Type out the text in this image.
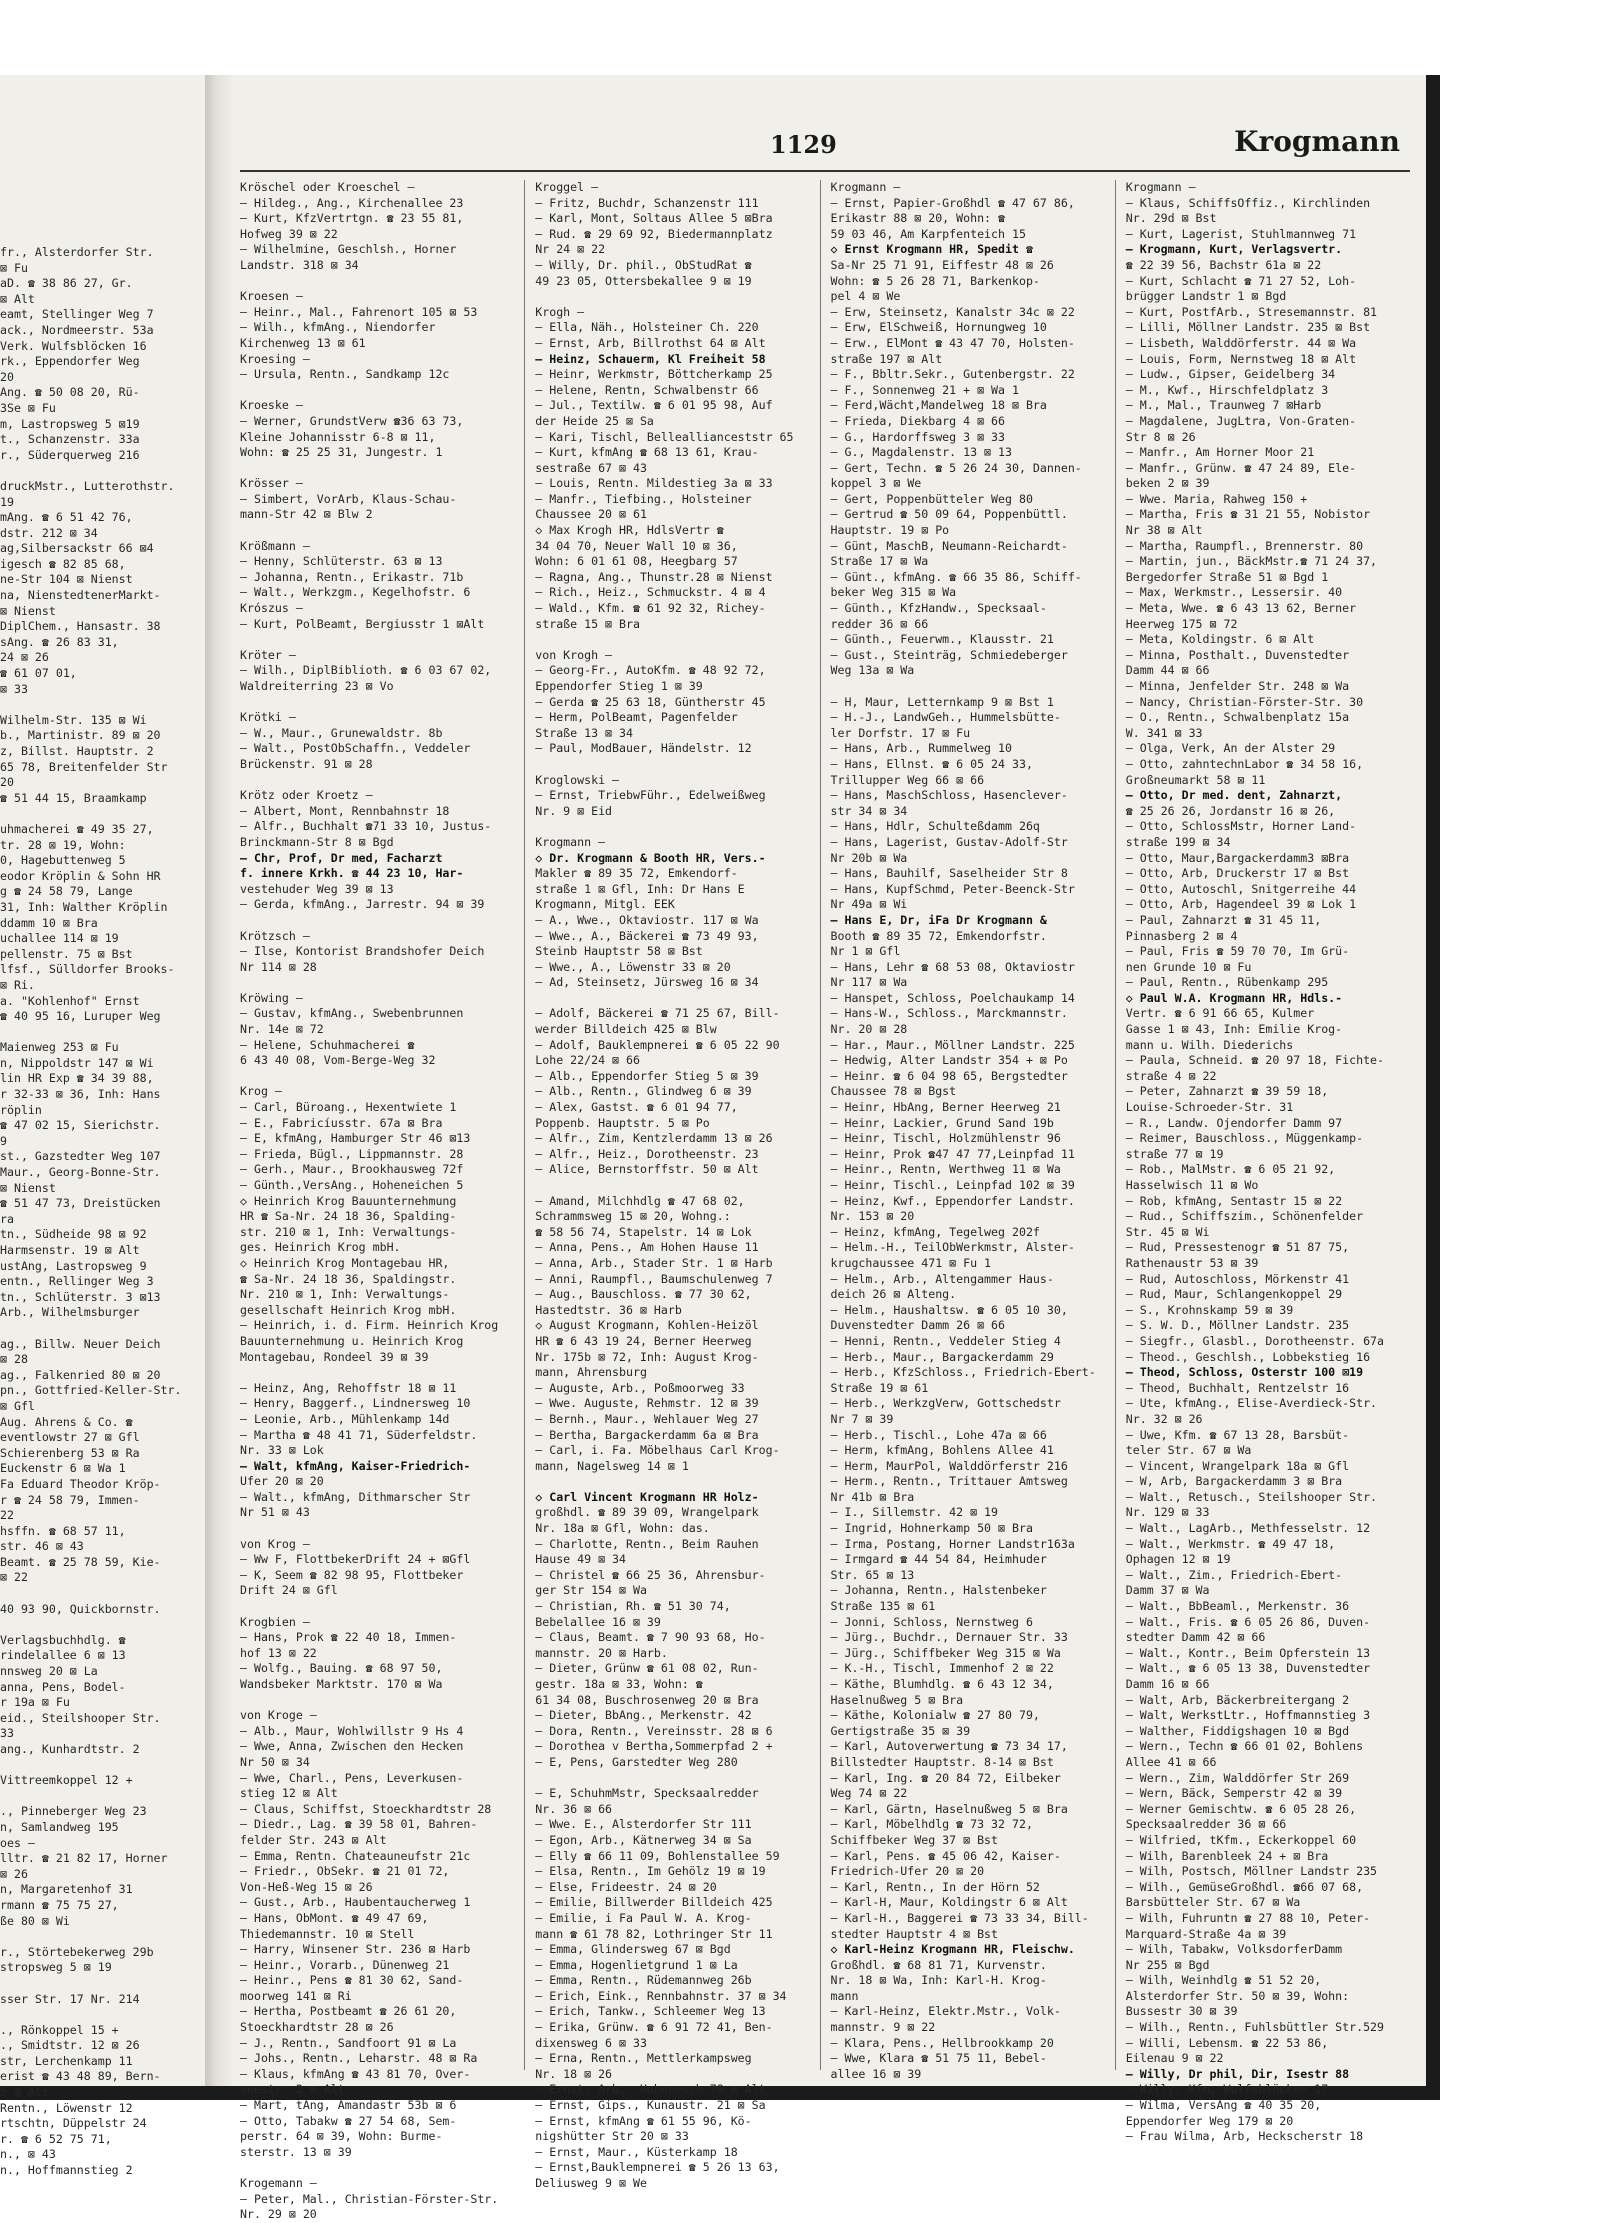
fr., Alsterdorfer Str.
⊠ Fu
aD. ☎ 38 86 27, Gr.
⊠ Alt
eamt, Stellinger Weg 7
ack., Nordmeerstr. 53a
Verk. Wulfsblöcken 16
rk., Eppendorfer Weg
20
Ang. ☎ 50 08 20, Rü-
3Se ⊠ Fu
m, Lastropsweg 5 ⊠19
t., Schanzenstr. 33a
r., Süderquerweg 216

druckMstr., Lutterothstr.
19
mAng. ☎ 6 51 42 76,
dstr. 212 ⊠ 34
ag,Silbersackstr 66 ⊠4
igesch ☎ 82 85 68,
ne-Str 104 ⊠ Nienst
na, NienstedtenerMarkt-
⊠ Nienst
DiplChem., Hansastr. 38
sAng. ☎ 26 83 31,
24 ⊠ 26
☎ 61 07 01,
⊠ 33

Wilhelm-Str. 135 ⊠ Wi
b., Martinistr. 89 ⊠ 20
z, Billst. Hauptstr. 2
65 78, Breitenfelder Str
20
☎ 51 44 15, Braamkamp

uhmacherei ☎ 49 35 27,
tr. 28 ⊠ 19, Wohn:
0, Hagebuttenweg 5
eodor Kröplin & Sohn HR
g ☎ 24 58 79, Lange
31, Inh: Walther Kröplin
ddamm 10 ⊠ Bra
uchallee 114 ⊠ 19
pellenstr. 75 ⊠ Bst
lfsf., Sülldorfer Brooks-
⊠ Ri.
a. "Kohlenhof" Ernst
☎ 40 95 16, Luruper Weg

Maienweg 253 ⊠ Fu
n, Nippoldstr 147 ⊠ Wi
lin HR Exp ☎ 34 39 88,
r 32-33 ⊠ 36, Inh: Hans
röplin
☎ 47 02 15, Sierichstr.
9
st., Gazstedter Weg 107
Maur., Georg-Bonne-Str.
⊠ Nienst
☎ 51 47 73, Dreistücken
ra
tn., Südheide 98 ⊠ 92
Harmsenstr. 19 ⊠ Alt
ustAng, Lastropsweg 9
entn., Rellinger Weg 3
tn., Schlüterstr. 3 ⊠13
Arb., Wilhelmsburger

ag., Billw. Neuer Deich
⊠ 28
ag., Falkenried 80 ⊠ 20
pn., Gottfried-Keller-Str.
⊠ Gfl
Aug. Ahrens & Co. ☎
eventlowstr 27 ⊠ Gfl
Schierenberg 53 ⊠ Ra
Euckenstr 6 ⊠ Wa 1
Fa Eduard Theodor Kröp-
r ☎ 24 58 79, Immen-
22
hsffn. ☎ 68 57 11,
str. 46 ⊠ 43
Beamt. ☎ 25 78 59, Kie-
⊠ 22

40 93 90, Quickbornstr.

Verlagsbuchhdlg. ☎
rindelallee 6 ⊠ 13
nnsweg 20 ⊠ La
anna, Pens, Bodel-
r 19a ⊠ Fu
eid., Steilshooper Str.
33
ang., Kunhardtstr. 2

Vittreemkoppel 12 +

., Pinneberger Weg 23
n, Samlandweg 195
oes —
lltr. ☎ 21 82 17, Horner
⊠ 26
n, Margaretenhof 31
rmann ☎ 75 75 27,
ße 80 ⊠ Wi

r., Störtebekerweg 29b
stropsweg 5 ⊠ 19

sser Str. 17 Nr. 214

., Rönkoppel 15 +
., Smidtstr. 12 ⊠ 26
str, Lerchenkamp 11
erist ☎ 43 48 89, Bern-
5 ⊠ Alt
Rentn., Löwenstr 12
rtschtn, Düppelstr 24
r. ☎ 6 52 75 71,
n., ⊠ 43
n., Hoffmannstieg 2
1129	Krogmann
Kröschel oder Kroeschel —
— Hildeg., Ang., Kirchenallee 23
— Kurt, KfzVertrtgn. ☎ 23 55 81,
Hofweg 39 ⊠ 22
— Wilhelmine, Geschlsh., Horner
Landstr. 318 ⊠ 34

Kroesen —
— Heinr., Mal., Fahrenort 105 ⊠ 53
— Wilh., kfmAng., Niendorfer
Kirchenweg 13 ⊠ 61
Kroesing —
— Ursula, Rentn., Sandkamp 12c

Kroeske —
— Werner, GrundstVerw ☎36 63 73,
Kleine Johannisstr 6-8 ⊠ 11,
Wohn: ☎ 25 25 31, Jungestr. 1

Krösser —
— Simbert, VorArb, Klaus-Schau-
mann-Str 42 ⊠ Blw 2

Krößmann —
— Henny, Schlüterstr. 63 ⊠ 13
— Johanna, Rentn., Erikastr. 71b
— Walt., Werkzgm., Kegelhofstr. 6
Krószus —
— Kurt, PolBeamt, Bergiusstr 1 ⊠Alt

Kröter —
— Wilh., DiplBiblioth. ☎ 6 03 67 02,
Waldreiterring 23 ⊠ Vo

Krötki —
— W., Maur., Grunewaldstr. 8b
— Walt., PostObSchaffn., Veddeler
Brückenstr. 91 ⊠ 28

Krötz oder Kroetz —
— Albert, Mont, Rennbahnstr 18
— Alfr., Buchhalt ☎71 33 10, Justus-
Brinckmann-Str 8 ⊠ Bgd
— Chr, Prof, Dr med, Facharzt
f. innere Krkh. ☎ 44 23 10, Har-
vestehuder Weg 39 ⊠ 13
— Gerda, kfmAng., Jarrestr. 94 ⊠ 39

Krötzsch —
— Ilse, Kontorist Brandshofer Deich
Nr 114 ⊠ 28

Kröwing —
— Gustav, kfmAng., Swebenbrunnen
Nr. 14e ⊠ 72
— Helene, Schuhmacherei ☎
6 43 40 08, Vom-Berge-Weg 32

Krog —
— Carl, Büroang., Hexentwiete 1
— E., Fabricíusstr. 67a ⊠ Bra
— E, kfmAng, Hamburger Str 46 ⊠13
— Frieda, Bügl., Lippmannstr. 28
— Gerh., Maur., Brookhausweg 72f
— Günth.,VersAng., Hoheneichen 5
◇ Heinrich Krog Bauunternehmung
HR ☎ Sa-Nr. 24 18 36, Spalding-
str. 210 ⊠ 1, Inh: Verwaltungs-
ges. Heinrich Krog mbH.
◇ Heinrich Krog Montagebau HR,
☎ Sa-Nr. 24 18 36, Spaldingstr.
Nr. 210 ⊠ 1, Inh: Verwaltungs-
gesellschaft Heinrich Krog mbH.
— Heinrich, i. d. Firm. Heinrich Krog
Bauunternehmung u. Heinrich Krog
Montagebau, Rondeel 39 ⊠ 39

— Heinz, Ang, Rehoffstr 18 ⊠ 11
— Henry, Baggerf., Lindnersweg 10
— Leonie, Arb., Mühlenkamp 14d
— Martha ☎ 48 41 71, Süderfeldstr.
Nr. 33 ⊠ Lok
— Walt, kfmAng, Kaiser-Friedrich-
Ufer 20 ⊠ 20
— Walt., kfmAng, Dithmarscher Str
Nr 51 ⊠ 43

von Krog —
— Ww F, FlottbekerDrift 24 + ⊠Gfl
— K, Seem ☎ 82 98 95, Flottbeker
Drift 24 ⊠ Gfl

Krogbien —
— Hans, Prok ☎ 22 40 18, Immen-
hof 13 ⊠ 22
— Wolfg., Bauing. ☎ 68 97 50,
Wandsbeker Marktstr. 170 ⊠ Wa

von Kroge —
— Alb., Maur, Wohlwillstr 9 Hs 4
— Wwe, Anna, Zwischen den Hecken
Nr 50 ⊠ 34
— Wwe, Charl., Pens, Leverkusen-
stieg 12 ⊠ Alt
— Claus, Schiffst, Stoeckhardtstr 28
— Diedr., Lag. ☎ 39 58 01, Bahren-
felder Str. 243 ⊠ Alt
— Emma, Rentn. Chateauneufstr 21c
— Friedr., ObSekr. ☎ 21 01 72,
Von-Heß-Weg 15 ⊠ 26
— Gust., Arb., Haubentaucherweg 1
— Hans, ObMont. ☎ 49 47 69,
Thiedemannstr. 10 ⊠ Stell
— Harry, Winsener Str. 236 ⊠ Harb
— Heinr., Vorarb., Dünenweg 21
— Heinr., Pens ☎ 81 30 62, Sand-
moorweg 141 ⊠ Ri
— Hertha, Postbeamt ☎ 26 61 20,
Stoeckhardtstr 28 ⊠ 26
— J., Rentn., Sandfoort 91 ⊠ La
— Johs., Rentn., Leharstr. 48 ⊠ Ra
— Klaus, kfmAng ☎ 43 81 70, Over-
seestr. 2 ⊠ Alt
— Mart, tAng, Amandastr 53b ⊠ 6
— Otto, Tabakw ☎ 27 54 68, Sem-
perstr. 64 ⊠ 39, Wohn: Burme-
sterstr. 13 ⊠ 39

Krogemann —
— Peter, Mal., Christian-Förster-Str.
Nr. 29 ⊠ 20
Kroggel —
— Fritz, Buchdr, Schanzenstr 111
— Karl, Mont, Soltaus Allee 5 ⊠Bra
— Rud. ☎ 29 69 92, Biedermannplatz
Nr 24 ⊠ 22
— Willy, Dr. phil., ObStudRat ☎
49 23 05, Ottersbekallee 9 ⊠ 19

Krogh —
— Ella, Näh., Holsteiner Ch. 220
— Ernst, Arb, Billrothst 64 ⊠ Alt
— Heinz, Schauerm, Kl Freiheit 58
— Heinr, Werkmstr, Böttcherkamp 25
— Helene, Rentn, Schwalbenstr 66
— Jul., Textilw. ☎ 6 01 95 98, Auf
der Heide 25 ⊠ Sa
— Kari, Tischl, Belleallianceststr 65
— Kurt, kfmAng ☎ 68 13 61, Krau-
sestraße 67 ⊠ 43
— Louis, Rentn. Mildestieg 3a ⊠ 33
— Manfr., Tiefbing., Holsteiner
Chaussee 20 ⊠ 61
◇ Max Krogh HR, HdlsVertr ☎
34 04 70, Neuer Wall 10 ⊠ 36,
Wohn: 6 01 61 08, Heegbarg 57
— Ragna, Ang., Thunstr.28 ⊠ Nienst
— Rich., Heiz., Schmuckstr. 4 ⊠ 4
— Wald., Kfm. ☎ 61 92 32, Richey-
straße 15 ⊠ Bra

von Krogh —
— Georg-Fr., AutoKfm. ☎ 48 92 72,
Eppendorfer Stieg 1 ⊠ 39
— Gerda ☎ 25 63 18, Güntherstr 45
— Herm, PolBeamt, Pagenfelder
Straße 13 ⊠ 34
— Paul, ModBauer, Händelstr. 12

Kroglowski —
— Ernst, TriebwFühr., Edelweißweg
Nr. 9 ⊠ Eid

Krogmann —
◇ Dr. Krogmann & Booth HR, Vers.-
Makler ☎ 89 35 72, Emkendorf-
straße 1 ⊠ Gfl, Inh: Dr Hans E
Krogmann, Mitgl. EEK
— A., Wwe., Oktaviostr. 117 ⊠ Wa
— Wwe., A., Bäckerei ☎ 73 49 93,
Steinb Hauptstr 58 ⊠ Bst
— Wwe., A., Löwenstr 33 ⊠ 20
— Ad, Steinsetz, Jürsweg 16 ⊠ 34

— Adolf, Bäckerei ☎ 71 25 67, Bill-
werder Billdeich 425 ⊠ Blw
— Adolf, Bauklempnerei ☎ 6 05 22 90
Lohe 22/24 ⊠ 66
— Alb., Eppendorfer Stieg 5 ⊠ 39
— Alb., Rentn., Glindweg 6 ⊠ 39
— Alex, Gastst. ☎ 6 01 94 77,
Poppenb. Hauptstr. 5 ⊠ Po
— Alfr., Zim, Kentzlerdamm 13 ⊠ 26
— Alfr., Heiz., Dorotheenstr. 23
— Alice, Bernstorffstr. 50 ⊠ Alt

— Amand, Milchhdlg ☎ 47 68 02,
Schrammsweg 15 ⊠ 20, Wohng.:
☎ 58 56 74, Stapelstr. 14 ⊠ Lok
— Anna, Pens., Am Hohen Hause 11
— Anna, Arb., Stader Str. 1 ⊠ Harb
— Anni, Raumpfl., Baumschulenweg 7
— Aug., Bauschloss. ☎ 77 30 62,
Hastedtstr. 36 ⊠ Harb
◇ August Krogmann, Kohlen-Heizöl
HR ☎ 6 43 19 24, Berner Heerweg
Nr. 175b ⊠ 72, Inh: August Krog-
mann, Ahrensburg
— Auguste, Arb., Poßmoorweg 33
— Wwe. Auguste, Rehmstr. 12 ⊠ 39
— Bernh., Maur., Wehlauer Weg 27
— Bertha, Bargackerdamm 6a ⊠ Bra
— Carl, i. Fa. Möbelhaus Carl Krog-
mann, Nagelsweg 14 ⊠ 1

◇ Carl Vincent Krogmann HR Holz-
großhdl. ☎ 89 39 09, Wrangelpark
Nr. 18a ⊠ Gfl, Wohn: das.
— Charlotte, Rentn., Beim Rauhen
Hause 49 ⊠ 34
— Christel ☎ 66 25 36, Ahrensbur-
ger Str 154 ⊠ Wa
— Christian, Rh. ☎ 51 30 74,
Bebelallee 16 ⊠ 39
— Claus, Beamt. ☎ 7 90 93 68, Ho-
mannstr. 20 ⊠ Harb.
— Dieter, Grünw ☎ 61 08 02, Run-
gestr. 18a ⊠ 33, Wohn: ☎
61 34 08, Buschrosenweg 20 ⊠ Bra
— Dieter, BbAng., Merkenstr. 42
— Dora, Rentn., Vereinsstr. 28 ⊠ 6
— Dorothea v Bertha,Sommerpfad 2 +
— E, Pens, Garstedter Weg 280

— E, SchuhmMstr, Specksaalredder
Nr. 36 ⊠ 66
— Wwe. E., Alsterdorfer Str 111
— Egon, Arb., Kätnerweg 34 ⊠ Sa
— Elly ☎ 66 11 09, Bohlenstallee 59
— Elsa, Rentn., Im Gehölz 19 ⊠ 19
— Else, Frideestr. 24 ⊠ 20
— Emilie, Billwerder Billdeich 425
— Emilie, i Fa Paul W. A. Krog-
mann ☎ 61 78 82, Lothringer Str 11
— Emma, Glindersweg 67 ⊠ Bgd
— Emma, Hogenlietgrund 1 ⊠ La
— Emma, Rentn., Rüdemannweg 26b
— Erich, Eink., Rennbahnstr. 37 ⊠ 34
— Erich, Tankw., Schleemer Weg 13
— Erika, Grünw. ☎ 6 91 72 41, Ben-
dixensweg 6 ⊠ 33
— Erna, Rentn., Mettlerkampsweg
Nr. 18 ⊠ 26
— Ernst, Arb., Hohenesch 78 ⊠ Alt
— Ernst, Gips., Kunaustr. 21 ⊠ Sa
— Ernst, kfmAng ☎ 61 55 96, Kö-
nigshütter Str 20 ⊠ 33
— Ernst, Maur., Küsterkamp 18
— Ernst,Bauklempnerei ☎ 5 26 13 63,
Deliusweg 9 ⊠ We
Krogmann —
— Ernst, Papier-Großhdl ☎ 47 67 86,
Erikastr 88 ⊠ 20, Wohn: ☎
59 03 46, Am Karpfenteich 15
◇ Ernst Krogmann HR, Spedit ☎
Sa-Nr 25 71 91, Eiffestr 48 ⊠ 26
Wohn: ☎ 5 26 28 71, Barkenkop-
pel 4 ⊠ We
— Erw, Steinsetz, Kanalstr 34c ⊠ 22
— Erw, ElSchweiß, Hornungweg 10
— Erw., ElMont ☎ 43 47 70, Holsten-
straße 197 ⊠ Alt
— F., Bbltr.Sekr., Gutenbergstr. 22
— F., Sonnenweg 21 + ⊠ Wa 1
— Ferd,Wächt,Mandelweg 18 ⊠ Bra
— Frieda, Diekbarg 4 ⊠ 66
— G., Hardorffsweg 3 ⊠ 33
— G., Magdalenstr. 13 ⊠ 13
— Gert, Techn. ☎ 5 26 24 30, Dannen-
koppel 3 ⊠ We
— Gert, Poppenbütteler Weg 80
— Gertrud ☎ 50 09 64, Poppenbüttl.
Hauptstr. 19 ⊠ Po
— Günt, MaschB, Neumann-Reichardt-
Straße 17 ⊠ Wa
— Günt., kfmAng. ☎ 66 35 86, Schiff-
beker Weg 315 ⊠ Wa
— Günth., KfzHandw., Specksaal-
redder 36 ⊠ 66
— Günth., Feuerwm., Klausstr. 21
— Gust., Steinträg, Schmiedeberger
Weg 13a ⊠ Wa

— H, Maur, Letternkamp 9 ⊠ Bst 1
— H.-J., LandwGeh., Hummelsbütte-
ler Dorfstr. 17 ⊠ Fu
— Hans, Arb., Rummelweg 10
— Hans, Ellnst. ☎ 6 05 24 33,
Trillupper Weg 66 ⊠ 66
— Hans, MaschSchloss, Hasenclever-
str 34 ⊠ 34
— Hans, Hdlr, Schulteßdamm 26q
— Hans, Lagerist, Gustav-Adolf-Str
Nr 20b ⊠ Wa
— Hans, Bauhilf, Saselheider Str 8
— Hans, KupfSchmd, Peter-Beenck-Str
Nr 49a ⊠ Wi
— Hans E, Dr, iFa Dr Krogmann &
Booth ☎ 89 35 72, Emkendorfstr.
Nr 1 ⊠ Gfl
— Hans, Lehr ☎ 68 53 08, Oktaviostr
Nr 117 ⊠ Wa
— Hanspet, Schloss, Poelchaukamp 14
— Hans-W., Schloss., Marckmannstr.
Nr. 20 ⊠ 28
— Har., Maur., Möllner Landstr. 225
— Hedwig, Alter Landstr 354 + ⊠ Po
— Heinr. ☎ 6 04 98 65, Bergstedter
Chaussee 78 ⊠ Bgst
— Heinr, HbAng, Berner Heerweg 21
— Heinr, Lackier, Grund Sand 19b
— Heinr, Tischl, Holzmühlenstr 96
— Heinr, Prok ☎47 47 77,Leinpfad 11
— Heinr., Rentn, Werthweg 11 ⊠ Wa
— Heinr, Tischl., Leinpfad 102 ⊠ 39
— Heinz, Kwf., Eppendorfer Landstr.
Nr. 153 ⊠ 20
— Heinz, kfmAng, Tegelweg 202f
— Helm.-H., TeilObWerkmstr, Alster-
krugchaussee 471 ⊠ Fu 1
— Helm., Arb., Altengammer Haus-
deich 26 ⊠ Alteng.
— Helm., Haushaltsw. ☎ 6 05 10 30,
Duvenstedter Damm 26 ⊠ 66
— Henni, Rentn., Veddeler Stieg 4
— Herb., Maur., Bargackerdamm 29
— Herb., KfzSchloss., Friedrich-Ebert-
Straße 19 ⊠ 61
— Herb., WerkzgVerw, Gottschedstr
Nr 7 ⊠ 39
— Herb., Tischl., Lohe 47a ⊠ 66
— Herm, kfmAng, Bohlens Allee 41
— Herm, MaurPol, Walddörferstr 216
— Herm., Rentn., Trittauer Amtsweg
Nr 41b ⊠ Bra
— I., Sillemstr. 42 ⊠ 19
— Ingrid, Hohnerkamp 50 ⊠ Bra
— Irma, Postang, Horner Landstr163a
— Irmgard ☎ 44 54 84, Heimhuder
Str. 65 ⊠ 13
— Johanna, Rentn., Halstenbeker
Straße 135 ⊠ 61
— Jonni, Schloss, Nernstweg 6
— Jürg., Buchdr., Dernauer Str. 33
— Jürg., Schiffbeker Weg 315 ⊠ Wa
— K.-H., Tischl, Immenhof 2 ⊠ 22
— Käthe, Blumhdlg. ☎ 6 43 12 34,
Haselnußweg 5 ⊠ Bra
— Käthe, Kolonialw ☎ 27 80 79,
Gertigstraße 35 ⊠ 39
— Karl, Autoverwertung ☎ 73 34 17,
Billstedter Hauptstr. 8-14 ⊠ Bst
— Karl, Ing. ☎ 20 84 72, Eilbeker
Weg 74 ⊠ 22
— Karl, Gärtn, Haselnußweg 5 ⊠ Bra
— Karl, Möbelhdlg ☎ 73 32 72,
Schiffbeker Weg 37 ⊠ Bst
— Karl, Pens. ☎ 45 06 42, Kaiser-
Friedrich-Ufer 20 ⊠ 20
— Karl, Rentn., In der Hörn 52
— Karl-H, Maur, Koldingstr 6 ⊠ Alt
— Karl-H., Baggerei ☎ 73 33 34, Bill-
stedter Hauptstr 4 ⊠ Bst
◇ Karl-Heinz Krogmann HR, Fleischw.
Großhdl. ☎ 68 81 71, Kurvenstr.
Nr. 18 ⊠ Wa, Inh: Karl-H. Krog-
mann
— Karl-Heinz, Elektr.Mstr., Volk-
mannstr. 9 ⊠ 22
— Klara, Pens., Hellbrookkamp 20
— Wwe, Klara ☎ 51 75 11, Bebel-
allee 16 ⊠ 39
Krogmann —
— Klaus, SchiffsOffiz., Kirchlinden
Nr. 29d ⊠ Bst
— Kurt, Lagerist, Stuhlmannweg 71
— Krogmann, Kurt, Verlagsvertr.
☎ 22 39 56, Bachstr 61a ⊠ 22
— Kurt, Schlacht ☎ 71 27 52, Loh-
brügger Landstr 1 ⊠ Bgd
— Kurt, PostfArb., Stresemannstr. 81
— Lilli, Möllner Landstr. 235 ⊠ Bst
— Lisbeth, Walddörferstr. 44 ⊠ Wa
— Louis, Form, Nernstweg 18 ⊠ Alt
— Ludw., Gipser, Geidelberg 34
— M., Kwf., Hirschfeldplatz 3
— M., Mal., Traunweg 7 ⊠Harb
— Magdalene, JugLtra, Von-Graten-
Str 8 ⊠ 26
— Manfr., Am Horner Moor 21
— Manfr., Grünw. ☎ 47 24 89, Ele-
beken 2 ⊠ 39
— Wwe. Maria, Rahweg 150 +
— Martha, Fris ☎ 31 21 55, Nobistor
Nr 38 ⊠ Alt
— Martha, Raumpfl., Brennerstr. 80
— Martin, jun., BäckMstr.☎ 71 24 37,
Bergedorfer Straße 51 ⊠ Bgd 1
— Max, Werkmstr., Lessersir. 40
— Meta, Wwe. ☎ 6 43 13 62, Berner
Heerweg 175 ⊠ 72
— Meta, Koldingstr. 6 ⊠ Alt
— Minna, Posthalt., Duvenstedter
Damm 44 ⊠ 66
— Minna, Jenfelder Str. 248 ⊠ Wa
— Nancy, Christian-Förster-Str. 30
— O., Rentn., Schwalbenplatz 15a
W. 341 ⊠ 33
— Olga, Verk, An der Alster 29
— Otto, zahntechnLabor ☎ 34 58 16,
Großneumarkt 58 ⊠ 11
— Otto, Dr med. dent, Zahnarzt,
☎ 25 26 26, Jordanstr 16 ⊠ 26,
— Otto, SchlossMstr, Horner Land-
straße 199 ⊠ 34
— Otto, Maur,Bargackerdamm3 ⊠Bra
— Otto, Arb, Druckerstr 17 ⊠ Bst
— Otto, Autoschl, Snitgerreihe 44
— Otto, Arb, Hagendeel 39 ⊠ Lok 1
— Paul, Zahnarzt ☎ 31 45 11,
Pinnasberg 2 ⊠ 4
— Paul, Fris ☎ 59 70 70, Im Grü-
nen Grunde 10 ⊠ Fu
— Paul, Rentn., Rübenkamp 295
◇ Paul W.A. Krogmann HR, Hdls.-
Vertr. ☎ 6 91 66 65, Kulmer
Gasse 1 ⊠ 43, Inh: Emilie Krog-
mann u. Wilh. Diederichs
— Paula, Schneid. ☎ 20 97 18, Fichte-
straße 4 ⊠ 22
— Peter, Zahnarzt ☎ 39 59 18,
Louise-Schroeder-Str. 31
— R., Landw. Ojendorfer Damm 97
— Reimer, Bauschloss., Müggenkamp-
straße 77 ⊠ 19
— Rob., MalMstr. ☎ 6 05 21 92,
Hasselwisch 11 ⊠ Wo
— Rob, kfmAng, Sentastr 15 ⊠ 22
— Rud., Schiffszim., Schönenfelder
Str. 45 ⊠ Wi
— Rud, Pressestenogr ☎ 51 87 75,
Rathenaustr 53 ⊠ 39
— Rud, Autoschloss, Mörkenstr 41
— Rud, Maur, Schlangenkoppel 29
— S., Krohnskamp 59 ⊠ 39
— S. W. D., Möllner Landstr. 235
— Siegfr., Glasbl., Dorotheenstr. 67a
— Theod., Geschlsh., Lobbekstieg 16
— Theod, Schloss, Osterstr 100 ⊠19
— Theod, Buchhalt, Rentzelstr 16
— Ute, kfmAng., Elise-Averdieck-Str.
Nr. 32 ⊠ 26
— Uwe, Kfm. ☎ 67 13 28, Barsbüt-
teler Str. 67 ⊠ Wa
— Vincent, Wrangelpark 18a ⊠ Gfl
— W, Arb, Bargackerdamm 3 ⊠ Bra
— Walt., Retusch., Steilshooper Str.
Nr. 129 ⊠ 33
— Walt., LagArb., Methfesselstr. 12
— Walt., Werkmstr. ☎ 49 47 18,
Ophagen 12 ⊠ 19
— Walt., Zim., Friedrich-Ebert-
Damm 37 ⊠ Wa
— Walt., BbBeaml., Merkenstr. 36
— Walt., Fris. ☎ 6 05 26 86, Duven-
stedter Damm 42 ⊠ 66
— Walt., Kontr., Beim Opferstein 13
— Walt., ☎ 6 05 13 38, Duvenstedter
Damm 16 ⊠ 66
— Walt, Arb, Bäckerbreitergang 2
— Walt, WerkstLtr., Hoffmannstieg 3
— Walther, Fiddigshagen 10 ⊠ Bgd
— Wern., Techn ☎ 66 01 02, Bohlens
Allee 41 ⊠ 66
— Wern., Zim, Walddörfer Str 269
— Wern, Bäck, Semperstr 42 ⊠ 39
— Werner Gemischtw. ☎ 6 05 28 26,
Specksaalredder 36 ⊠ 66
— Wilfried, tKfm., Eckerkoppel 60
— Wilh, Barenbleek 24 + ⊠ Bra
— Wilh, Postsch, Möllner Landstr 235
— Wilh., GemüseGroßhdl. ☎66 07 68,
Barsbütteler Str. 67 ⊠ Wa
— Wilh, Fuhruntn ☎ 27 88 10, Peter-
Marquard-Straße 4a ⊠ 39
— Wilh, Tabakw, VolksdorferDamm
Nr 255 ⊠ Bgd
— Wilh, Weinhdlg ☎ 51 52 20,
Alsterdorfer Str. 50 ⊠ 39, Wohn:
Bussestr 30 ⊠ 39
— Wilh., Rentn., Fuhlsbüttler Str.529
— Willi, Lebensm. ☎ 22 53 86,
Eilenau 9 ⊠ 22
— Willy, Dr phil, Dir, Isestr 88
— Willy, Kfm, Wulfsblöcken 17
— Wilma, VersAng ☎ 40 35 20,
Eppendorfer Weg 179 ⊠ 20
— Frau Wilma, Arb, Heckscherstr 18
